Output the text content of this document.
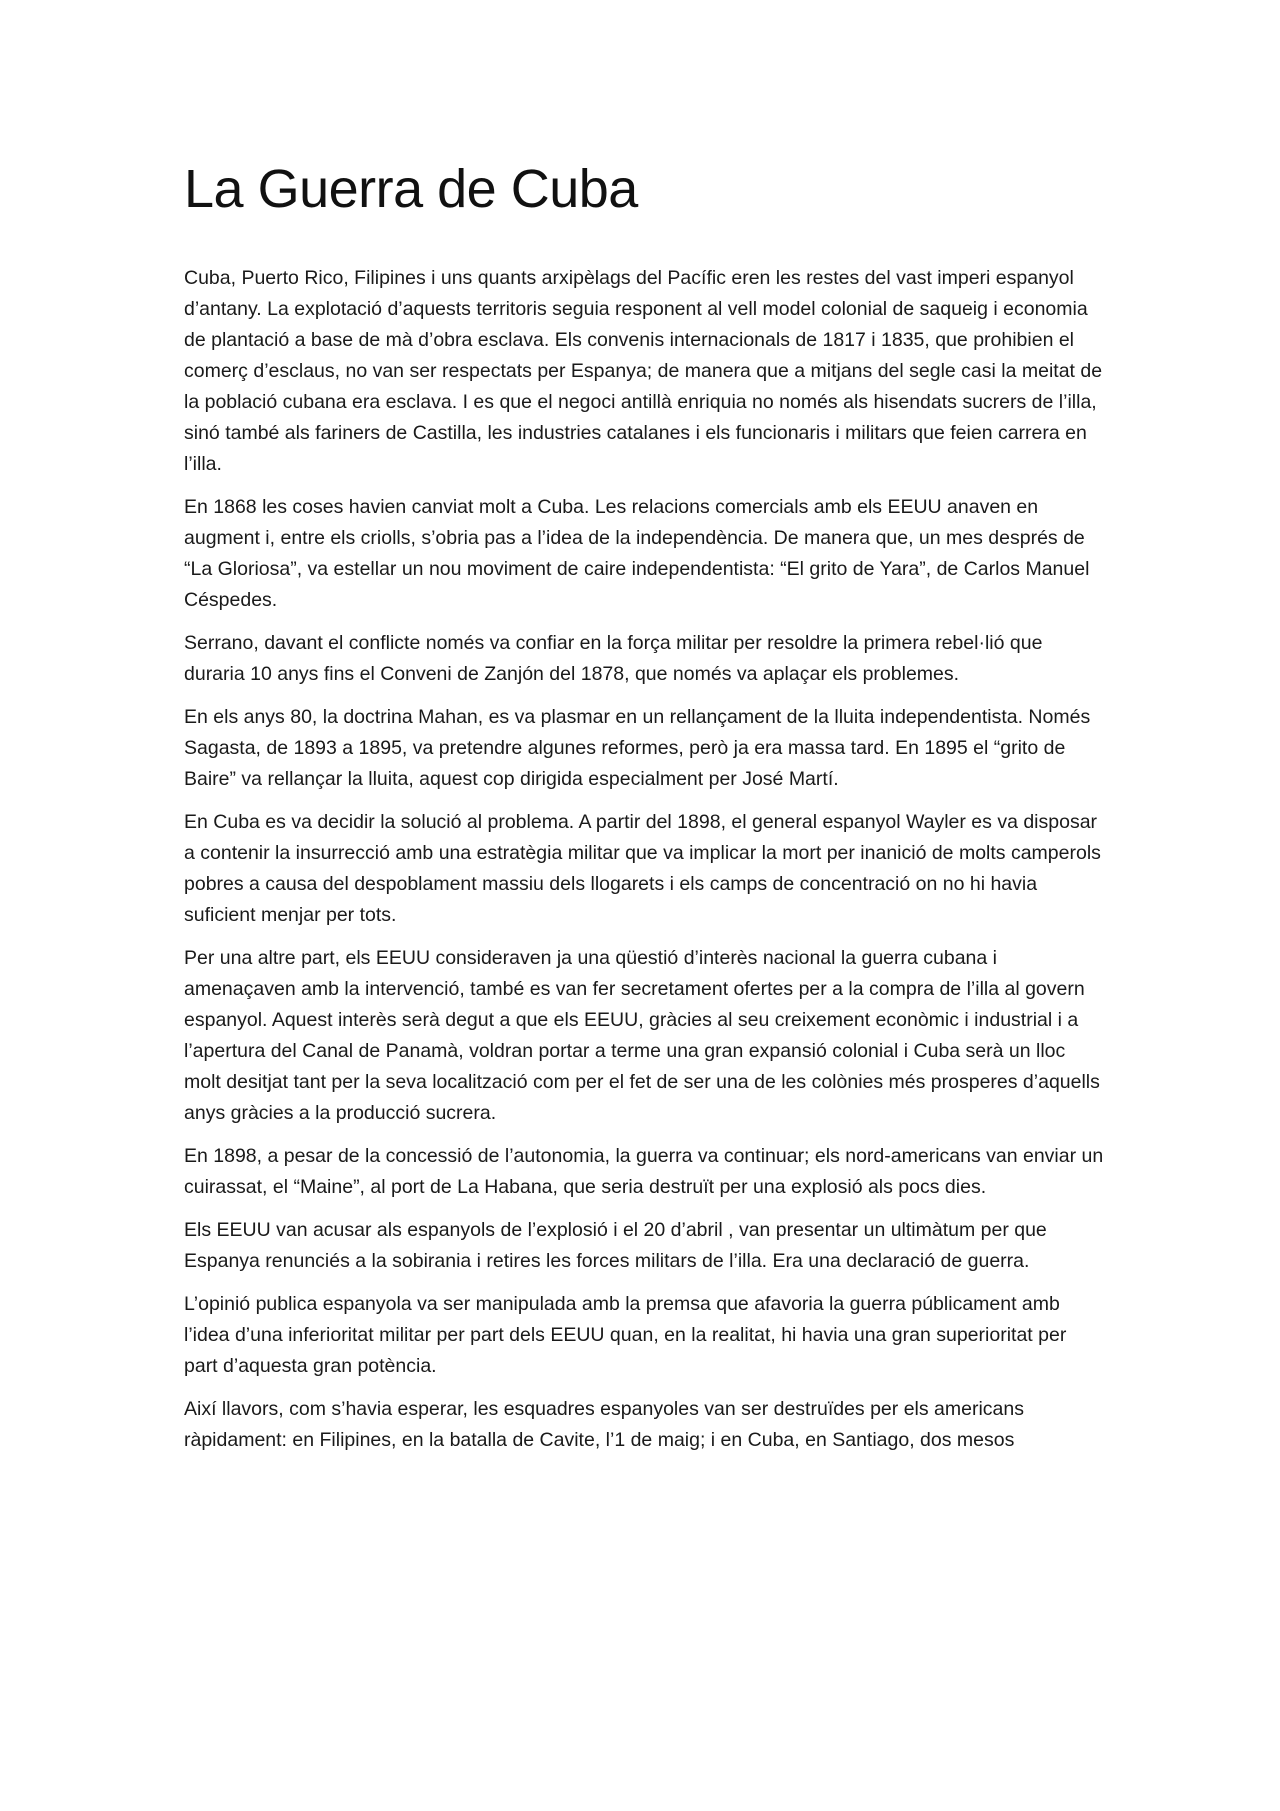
La Guerra de Cuba

Cuba, Puerto Rico, Filipines i uns quants arxipèlags del Pacífic eren les restes del vast imperi espanyol d’antany. La explotació d’aquests territoris seguia responent al vell model colonial de saqueig i economia de plantació a base de mà d’obra esclava. Els convenis internacionals de 1817 i 1835, que prohibien el comerç d’esclaus, no van ser respectats per Espanya; de manera que a mitjans del segle casi la meitat de la població cubana era esclava. I es que el negoci antillà enriquia no només als hisendats sucrers de l’illa, sinó també als fariners de Castilla, les industries catalanes i els funcionaris i militars que feien carrera en l’illa.

En 1868 les coses havien canviat molt a Cuba. Les relacions comercials amb els EEUU anaven en augment i, entre els criolls, s’obria pas a l’idea de la independència. De manera que, un mes després de “La Gloriosa”, va estellar un nou moviment de caire independentista: “El grito de Yara”, de Carlos Manuel Céspedes.

Serrano, davant el conflicte només va confiar en la força militar per resoldre la primera rebel·lió que duraria 10 anys fins el Conveni de Zanjón del 1878, que només va aplaçar els problemes.

En els anys 80, la doctrina Mahan, es va plasmar en un rellançament de la lluita independentista. Només Sagasta, de 1893 a 1895, va pretendre algunes reformes, però ja era massa tard. En 1895 el “grito de Baire” va rellançar la lluita, aquest cop dirigida especialment per José Martí.

En Cuba es va decidir la solució al problema. A partir del 1898, el general espanyol Wayler es va disposar a contenir la insurrecció amb una estratègia militar que va implicar la mort per inanició de molts camperols pobres a causa del despoblament massiu dels llogarets i els camps de concentració on no hi havia suficient menjar per tots.

Per una altre part, els EEUU consideraven ja una qüestió d’interès nacional la guerra cubana i amenaçaven amb la intervenció, també es van fer secretament ofertes per a la compra de l’illa al govern espanyol. Aquest interès serà degut a que els EEUU, gràcies al seu creixement econòmic i industrial i a l’apertura del Canal de Panamà, voldran portar a terme una gran expansió colonial i Cuba serà un lloc molt desitjat tant per la seva localització com per el fet de ser una de les colònies més prosperes d’aquells anys gràcies a la producció sucrera.

En 1898, a pesar de la concessió de l’autonomia, la guerra va continuar; els nord-americans van enviar un cuirassat, el “Maine”, al port de La Habana, que seria destruït per una explosió als pocs dies.

Els EEUU van acusar als espanyols de l’explosió i el 20 d’abril , van presentar un ultimàtum per que Espanya renunciés a la sobirania i retires les forces militars de l’illa. Era una declaració de guerra.

L’opinió publica espanyola va ser manipulada amb la premsa que afavoria la guerra públicament amb l’idea d’una inferioritat militar per part dels EEUU quan, en la realitat, hi havia una gran superioritat per part d’aquesta gran potència.

Així llavors, com s’havia esperar, les esquadres espanyoles van ser destruïdes per els americans ràpidament: en Filipines, en la batalla de Cavite, l’1 de maig; i en Cuba, en Santiago, dos mesos
